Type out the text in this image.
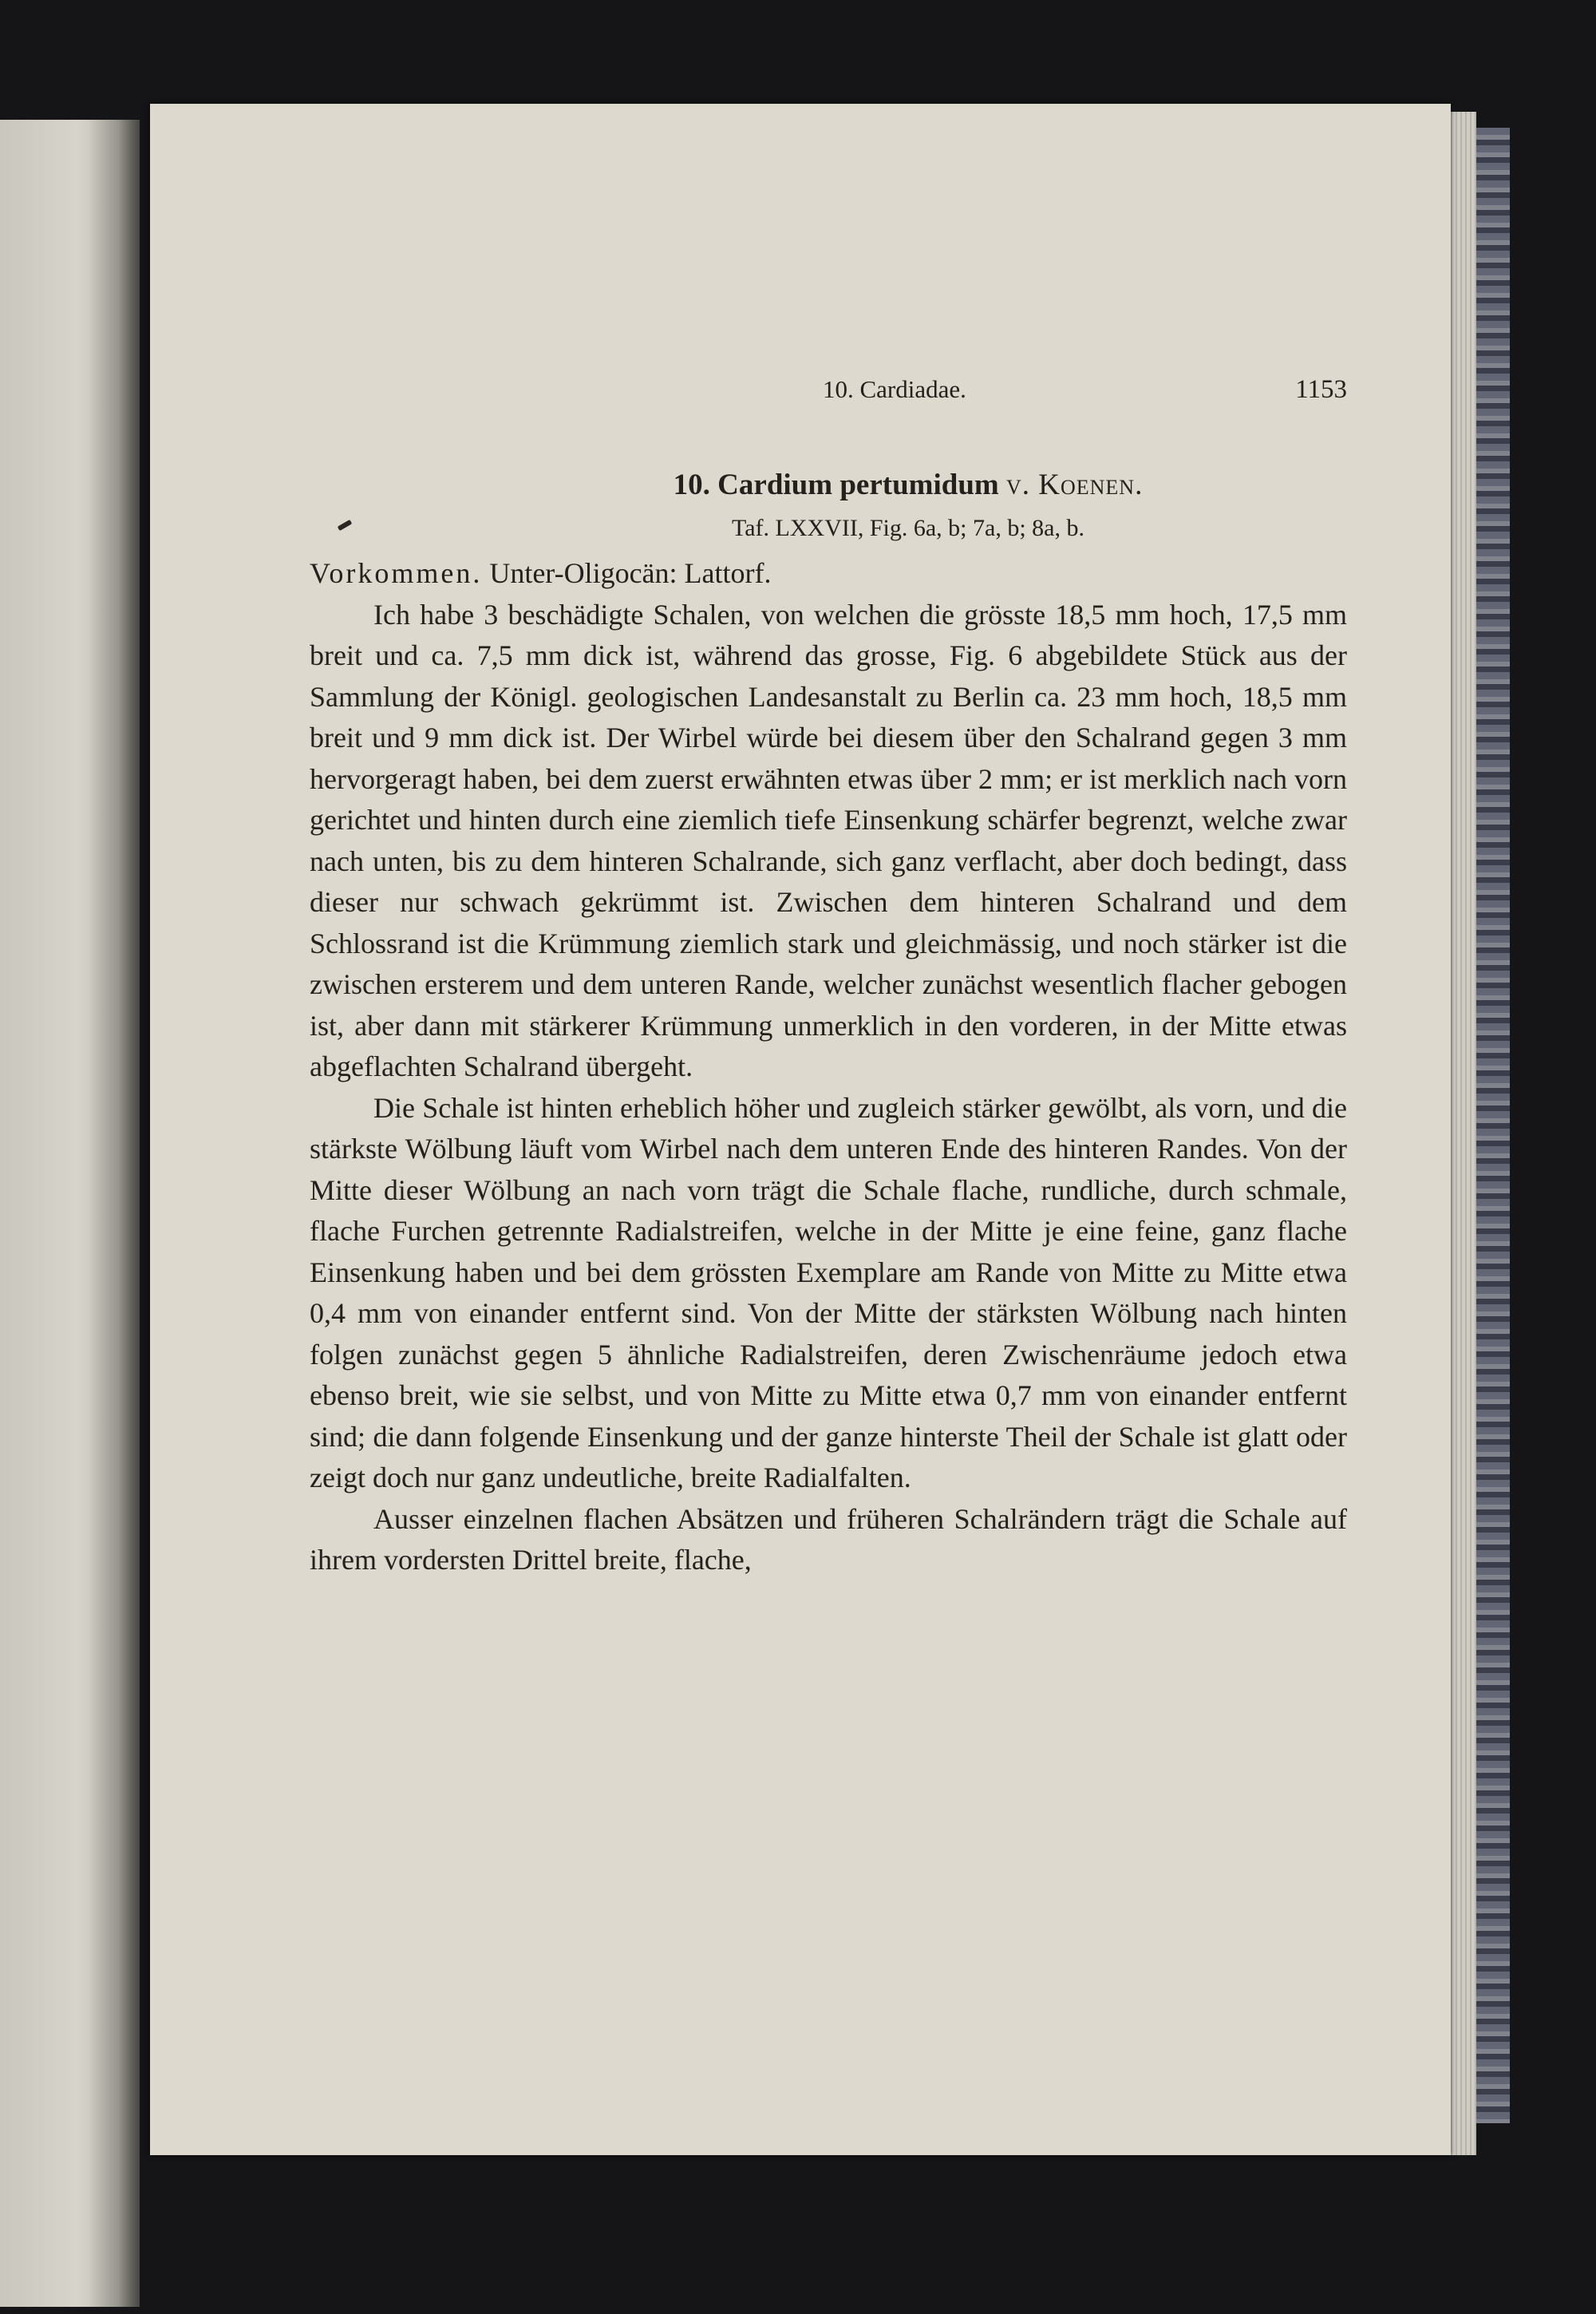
10. Cardiadae.	1153
10. Cardium pertumidum v. Koenen.
Taf. LXXVII, Fig. 6a, b; 7a, b; 8a, b.

Vorkommen. Unter-Oligocän: Lattorf.

Ich habe 3 beschädigte Schalen, von welchen die grösste 18,5 mm hoch, 17,5 mm breit und ca. 7,5 mm dick ist, während das grosse, Fig. 6 abgebildete Stück aus der Sammlung der Königl. geologischen Landesanstalt zu Berlin ca. 23 mm hoch, 18,5 mm breit und 9 mm dick ist. Der Wirbel würde bei diesem über den Schalrand gegen 3 mm hervorgeragt haben, bei dem zuerst erwähnten etwas über 2 mm; er ist merklich nach vorn gerichtet und hinten durch eine ziemlich tiefe Einsenkung schärfer begrenzt, welche zwar nach unten, bis zu dem hinteren Schalrande, sich ganz verflacht, aber doch bedingt, dass dieser nur schwach gekrümmt ist. Zwischen dem hinteren Schalrand und dem Schlossrand ist die Krümmung ziemlich stark und gleichmässig, und noch stärker ist die zwischen ersterem und dem unteren Rande, welcher zunächst wesentlich flacher gebogen ist, aber dann mit stärkerer Krümmung unmerklich in den vorderen, in der Mitte etwas abgeflachten Schalrand übergeht.

Die Schale ist hinten erheblich höher und zugleich stärker gewölbt, als vorn, und die stärkste Wölbung läuft vom Wirbel nach dem unteren Ende des hinteren Randes. Von der Mitte dieser Wölbung an nach vorn trägt die Schale flache, rundliche, durch schmale, flache Furchen getrennte Radialstreifen, welche in der Mitte je eine feine, ganz flache Einsenkung haben und bei dem grössten Exemplare am Rande von Mitte zu Mitte etwa 0,4 mm von einander entfernt sind. Von der Mitte der stärksten Wölbung nach hinten folgen zunächst gegen 5 ähnliche Radialstreifen, deren Zwischenräume jedoch etwa ebenso breit, wie sie selbst, und von Mitte zu Mitte etwa 0,7 mm von einander entfernt sind; die dann folgende Einsenkung und der ganze hinterste Theil der Schale ist glatt oder zeigt doch nur ganz undeutliche, breite Radialfalten.

Ausser einzelnen flachen Absätzen und früheren Schalrändern trägt die Schale auf ihrem vordersten Drittel breite, flache,
